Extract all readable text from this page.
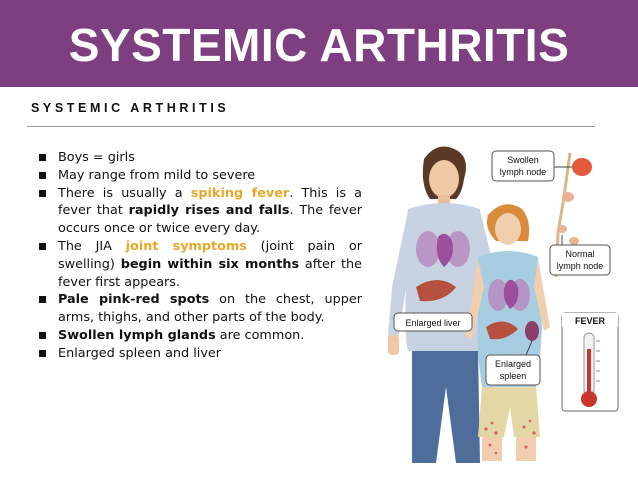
SYSTEMIC ARTHRITIS
SYSTEMIC ARTHRITIS
Boys = girls
May range from mild to severe
There is usually a spiking fever. This is a fever that rapidly rises and falls. The fever occurs once or twice every day.
The JIA joint symptoms (joint pain or swelling) begin within six months after the fever first appears.
Pale pink-red spots on the chest, upper arms, thighs, and other parts of the body.
Swollen lymph glands are common.
Enlarged spleen and liver
Swollen
lymph node
Normal
lymph node
Enlarged liver
Enlarged
spleen
FEVER
